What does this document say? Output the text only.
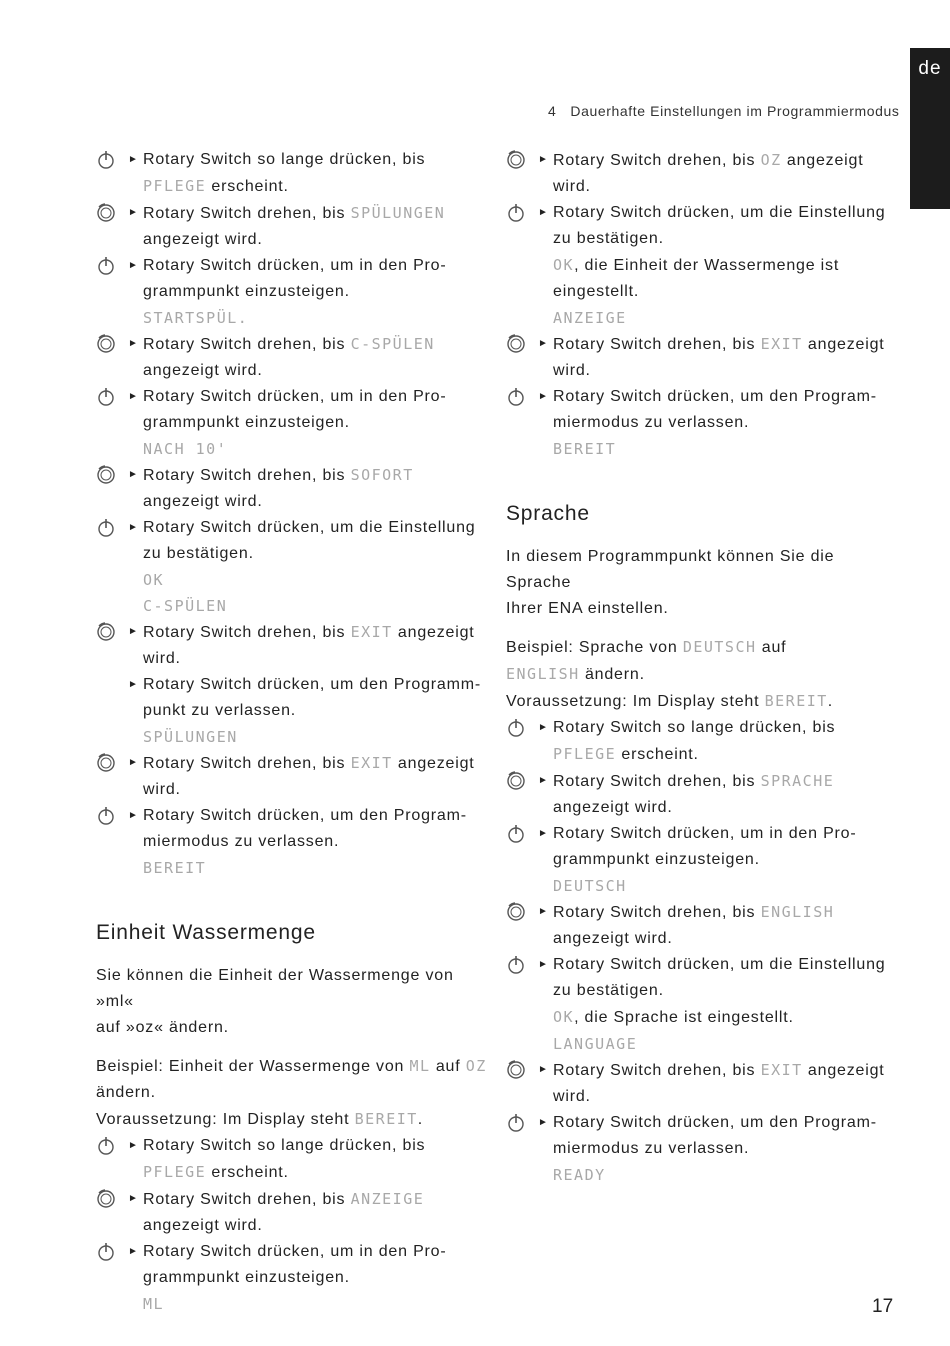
de
4 Dauerhafte Einstellungen im Programmiermodus
► Rotary Switch so lange drücken, bis

PFLEGE erscheint.

► Rotary Switch drehen, bis SPÜLUNGEN

angezeigt wird.

► Rotary Switch drücken, um in den Pro-

grammpunkt einzusteigen.

STARTSPÜL.

► Rotary Switch drehen, bis C-SPÜLEN

angezeigt wird.

► Rotary Switch drücken, um in den Pro-

grammpunkt einzusteigen.

NACH 10'

► Rotary Switch drehen, bis SOFORT

angezeigt wird.

► Rotary Switch drücken, um die Einstellung

zu bestätigen.

OK

C-SPÜLEN

► Rotary Switch drehen, bis EXIT angezeigt

wird.

► Rotary Switch drücken, um den Programm-

punkt zu verlassen.

SPÜLUNGEN

► Rotary Switch drehen, bis EXIT angezeigt

wird.

► Rotary Switch drücken, um den Program-

miermodus zu verlassen.

BEREIT

Einheit Wassermenge

Sie können die Einheit der Wassermenge von »ml«

auf »oz« ändern.

Beispiel: Einheit der Wassermenge von ML auf OZ

ändern.

Voraussetzung: Im Display steht BEREIT.

► Rotary Switch so lange drücken, bis

PFLEGE erscheint.

► Rotary Switch drehen, bis ANZEIGE

angezeigt wird.

► Rotary Switch drücken, um in den Pro-

grammpunkt einzusteigen.

ML

► Rotary Switch drehen, bis OZ angezeigt

wird.

► Rotary Switch drücken, um die Einstellung

zu bestätigen.

OK, die Einheit der Wassermenge ist

eingestellt.

ANZEIGE

► Rotary Switch drehen, bis EXIT angezeigt

wird.

► Rotary Switch drücken, um den Program-

miermodus zu verlassen.

BEREIT

Sprache

In diesem Programmpunkt können Sie die Sprache

Ihrer ENA einstellen.

Beispiel: Sprache von DEUTSCH auf

ENGLISH ändern.

Voraussetzung: Im Display steht BEREIT.

► Rotary Switch so lange drücken, bis

PFLEGE erscheint.

► Rotary Switch drehen, bis SPRACHE

angezeigt wird.

► Rotary Switch drücken, um in den Pro-

grammpunkt einzusteigen.

DEUTSCH

► Rotary Switch drehen, bis ENGLISH

angezeigt wird.

► Rotary Switch drücken, um die Einstellung

zu bestätigen.

OK, die Sprache ist eingestellt.

LANGUAGE

► Rotary Switch drehen, bis EXIT angezeigt

wird.

► Rotary Switch drücken, um den Program-

miermodus zu verlassen.

READY

17
